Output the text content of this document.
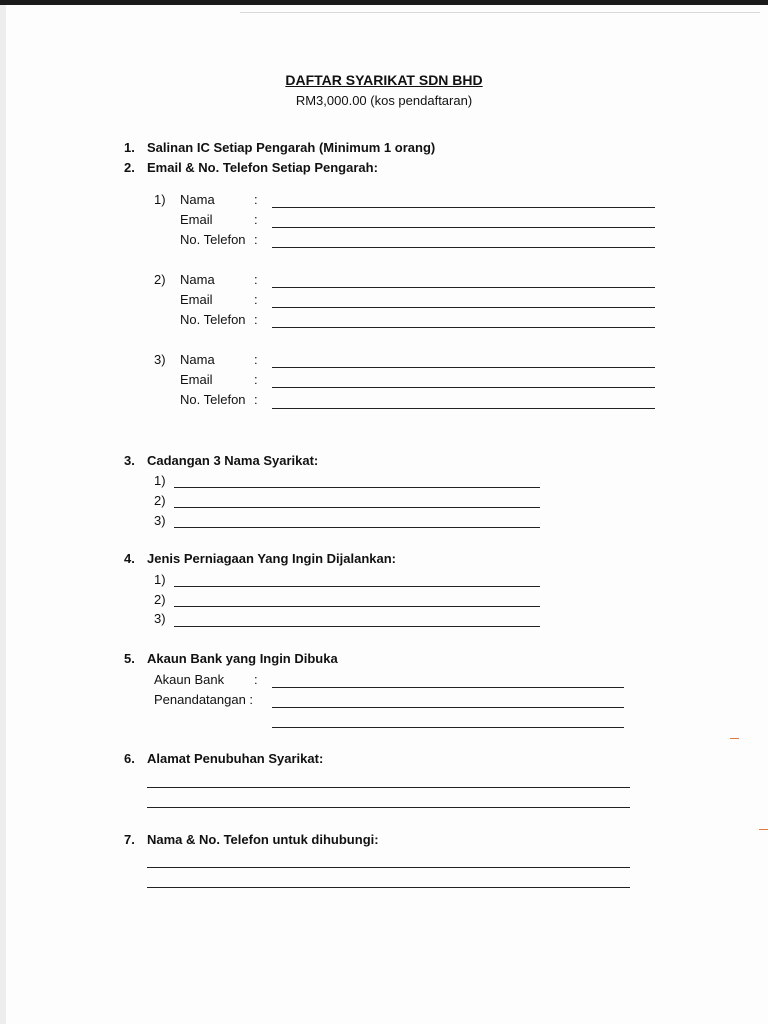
DAFTAR SYARIKAT SDN BHD
RM3,000.00 (kos pendaftaran)
1. Salinan IC Setiap Pengarah (Minimum 1 orang)
2. Email & No. Telefon Setiap Pengarah:
1) Nama
Email
No. Telefon
:
:
:
2) Nama
Email
No. Telefon
:
:
:
3) Nama
Email
No. Telefon
:
:
:
3. Cadangan 3 Nama Syarikat:
1)
2)
3)
4. Jenis Perniagaan Yang Ingin Dijalankan:
1)
2)
3)
5. Akaun Bank yang Ingin Dibuka
Akaun Bank :
Penandatangan :
6. Alamat Penubuhan Syarikat:
7. Nama & No. Telefon untuk dihubungi:
